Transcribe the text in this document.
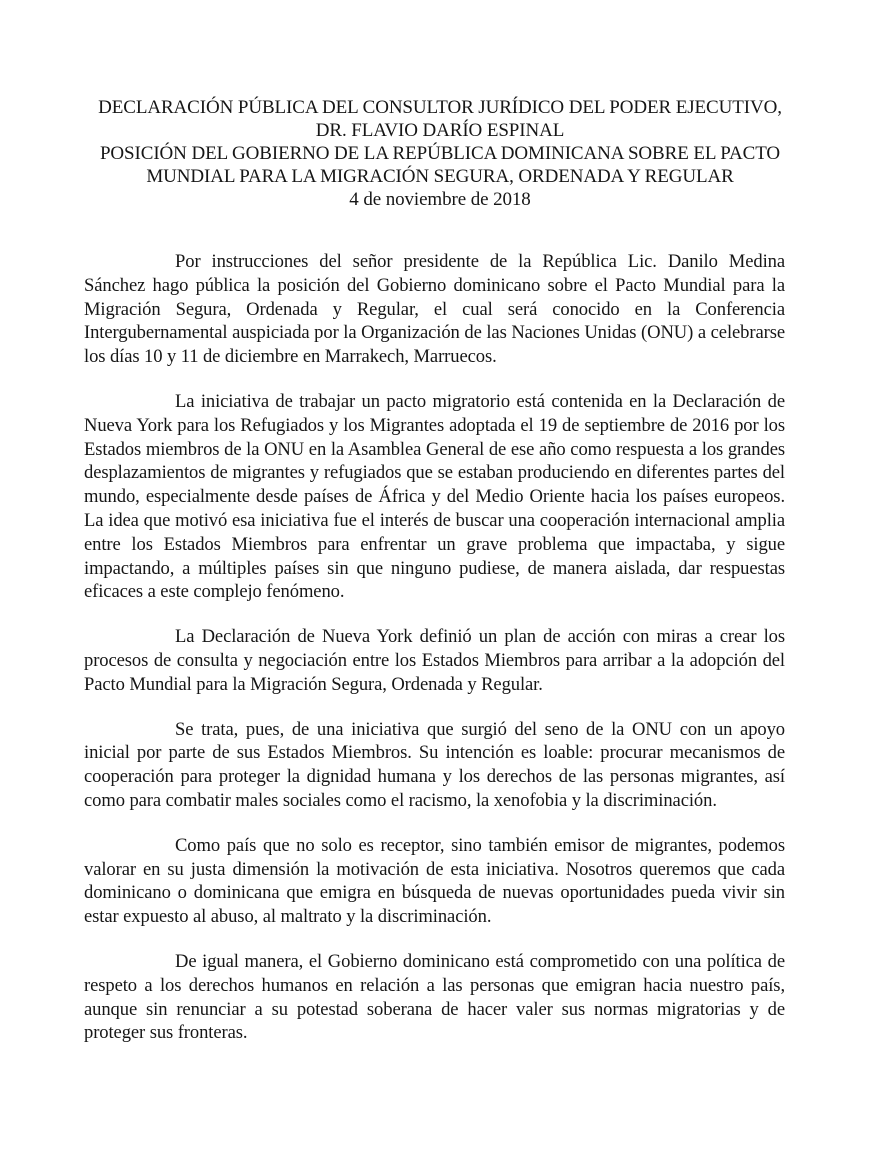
DECLARACIÓN PÚBLICA DEL CONSULTOR JURÍDICO DEL PODER EJECUTIVO,
DR. FLAVIO DARÍO ESPINAL
POSICIÓN DEL GOBIERNO DE LA REPÚBLICA DOMINICANA SOBRE EL PACTO
MUNDIAL PARA LA MIGRACIÓN SEGURA, ORDENADA Y REGULAR
4 de noviembre de 2018

Por instrucciones del señor presidente de la República Lic. Danilo Medina Sánchez hago pública la posición del Gobierno dominicano sobre el Pacto Mundial para la Migración Segura, Ordenada y Regular, el cual será conocido en la Conferencia Intergubernamental auspiciada por la Organización de las Naciones Unidas (ONU) a celebrarse los días 10 y 11 de diciembre en Marrakech, Marruecos.

La iniciativa de trabajar un pacto migratorio está contenida en la Declaración de Nueva York para los Refugiados y los Migrantes adoptada el 19 de septiembre de 2016 por los Estados miembros de la ONU en la Asamblea General de ese año como respuesta a los grandes desplazamientos de migrantes y refugiados que se estaban produciendo en diferentes partes del mundo, especialmente desde países de África y del Medio Oriente hacia los países europeos. La idea que motivó esa iniciativa fue el interés de buscar una cooperación internacional amplia entre los Estados Miembros para enfrentar un grave problema que impactaba, y sigue impactando, a múltiples países sin que ninguno pudiese, de manera aislada, dar respuestas eficaces a este complejo fenómeno.

La Declaración de Nueva York definió un plan de acción con miras a crear los procesos de consulta y negociación entre los Estados Miembros para arribar a la adopción del Pacto Mundial para la Migración Segura, Ordenada y Regular.

Se trata, pues, de una iniciativa que surgió del seno de la ONU con un apoyo inicial por parte de sus Estados Miembros. Su intención es loable: procurar mecanismos de cooperación para proteger la dignidad humana y los derechos de las personas migrantes, así como para combatir males sociales como el racismo, la xenofobia y la discriminación.

Como país que no solo es receptor, sino también emisor de migrantes, podemos valorar en su justa dimensión la motivación de esta iniciativa. Nosotros queremos que cada dominicano o dominicana que emigra en búsqueda de nuevas oportunidades pueda vivir sin estar expuesto al abuso, al maltrato y la discriminación.

De igual manera, el Gobierno dominicano está comprometido con una política de respeto a los derechos humanos en relación a las personas que emigran hacia nuestro país, aunque sin renunciar a su potestad soberana de hacer valer sus normas migratorias y de proteger sus fronteras.
